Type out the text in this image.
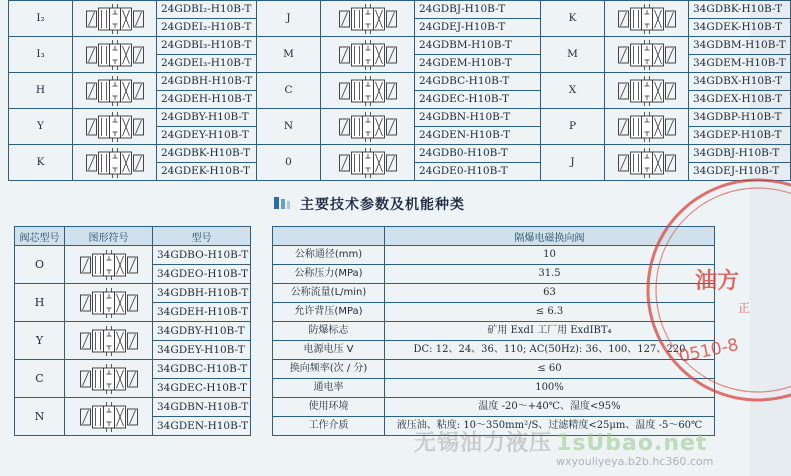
I₂		24GDBI₂-H10B-T	J		24GDBJ-H10B-T	K		34GDBK-H10B-T
		24GDEI₂-H10B-T			24GDEJ-H10B-T			34GDEK-H10B-T
I₃		24GDBI₃-H10B-T	M		24GDBM-H10B-T	M		34GDBM-H10B-T
		24GDEI₃-H10B-T			24GDEM-H10B-T			34GDEM-H10B-T
H		24GDBH-H10B-T	C		24GDBC-H10B-T	X		34GDBX-H10B-T
		24GDEH-H10B-T			24GDEC-H10B-T			34GDEX-H10B-T
Y		24GDBY-H10B-T	N		24GDBN-H10B-T	P		34GDBP-H10B-T
		24GDEY-H10B-T			24GDEN-H10B-T			34GDEP-H10B-T
K		24GDBK-H10B-T	0		24GDB0-H10B-T	J		34GDBJ-H10B-T
		24GDEK-H10B-T			24GDE0-H10B-T			34GDEJ-H10B-T
主要技术参数及机能种类
阀芯型号	图形符号	型号
O		34GDBO-H10B-T
		34GDEO-H10B-T
H		34GDBH-H10B-T
		34GDEH-H10B-T
Y		34GDBY-H10B-T
		34GDEY-H10B-T
C		34GDBC-H10B-T
		34GDEC-H10B-T
N		34GDBN-H10B-T
		34GDEN-H10B-T
	隔爆电磁换向阀
公称通径(mm)	10
公称压力(MPa)	31.5
公称流量(L/min)	63
允许背压(MPa)	≤ 6.3
防爆标志	矿用 ExdI 工厂用 ExdIBT₄
电源电压 V	DC: 12、24、36、110; AC(50Hz): 36、100、127、220
换向频率(次 / 分)	≤ 60
通电率	100%
使用环境	温度 -20～+40℃、湿度<95%
工作介质	液压油、粘度: 10～350mm²/S、过滤精度<25μm、温度 -5～60℃
油方
正
0510-8
无锡油力液压 1sUbao.net
wxyouliyeya.b2b.hc360.com
